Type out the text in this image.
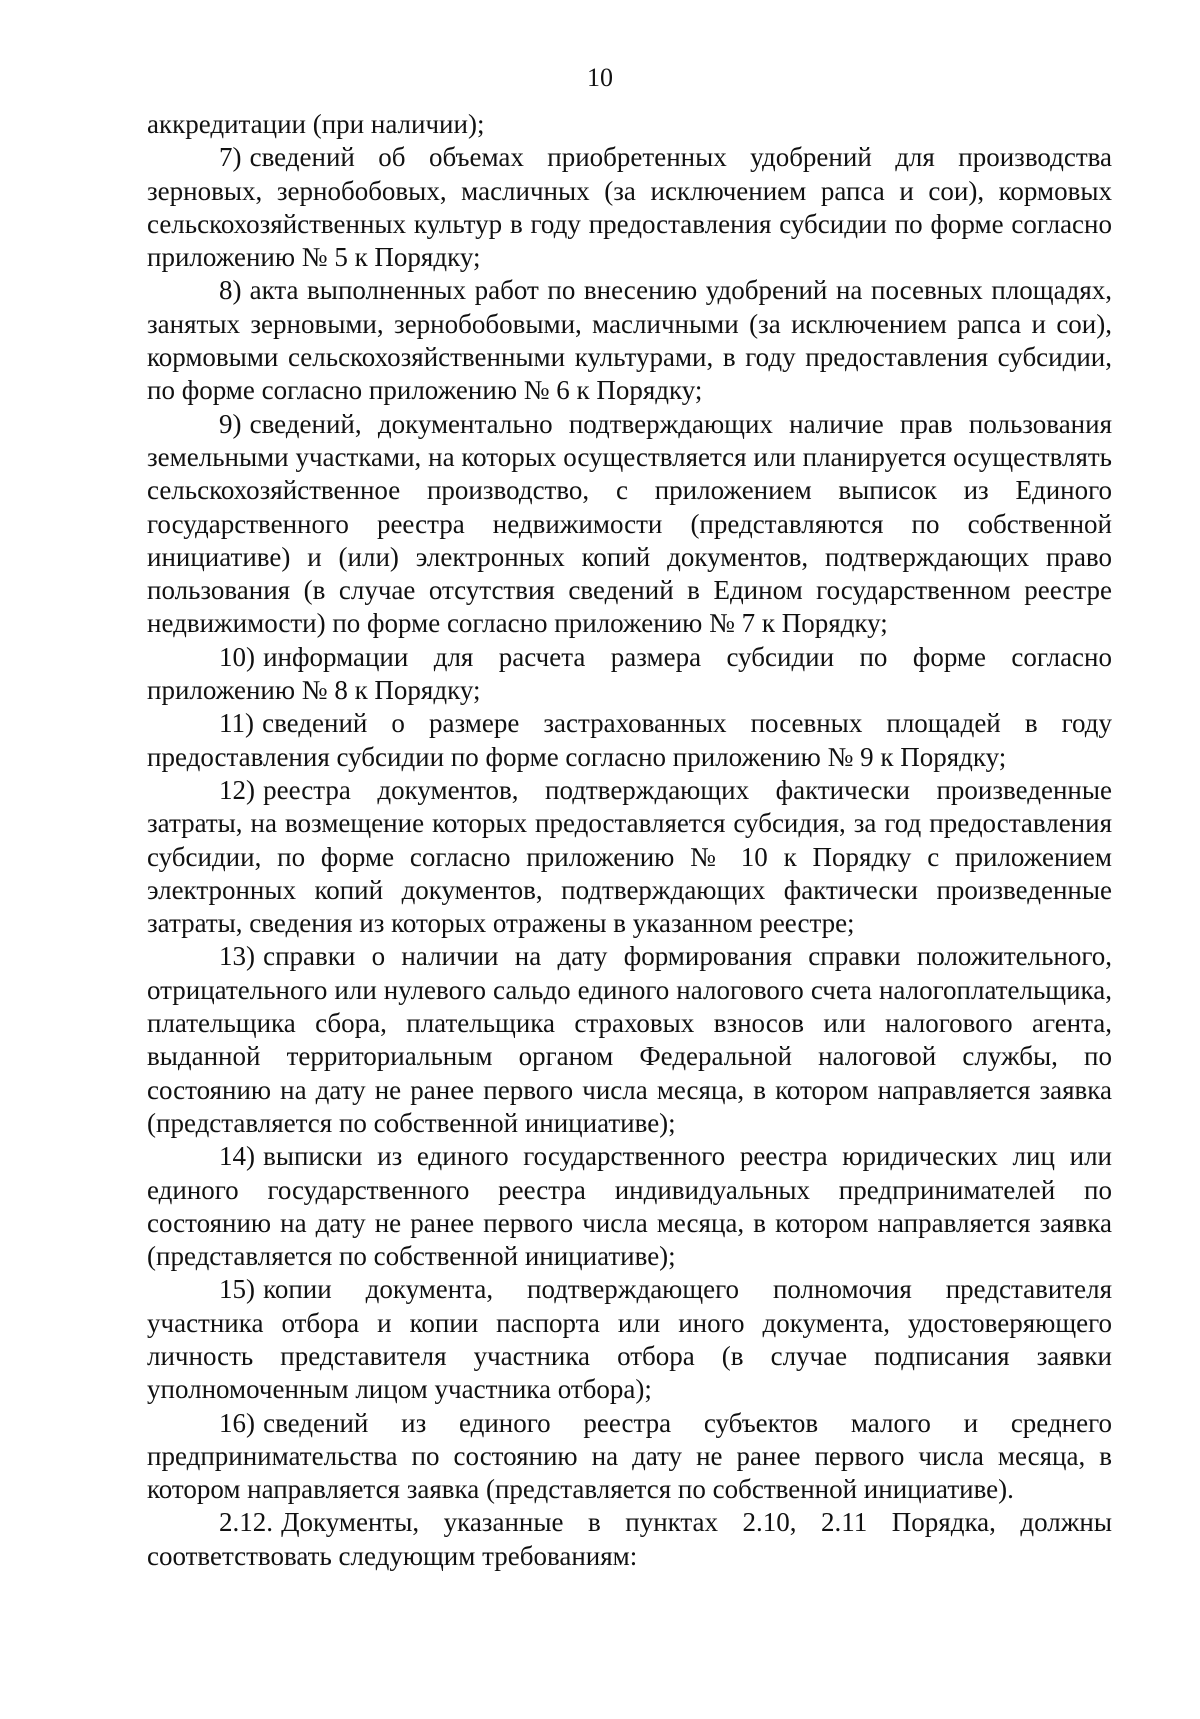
10

аккредитации (при наличии);

7) сведений об объемах приобретенных удобрений для производства зерновых, зернобобовых, масличных (за исключением рапса и сои), кормовых сельскохозяйственных культур в году предоставления субсидии по форме согласно приложению № 5 к Порядку;

8) акта выполненных работ по внесению удобрений на посевных площадях, занятых зерновыми, зернобобовыми, масличными (за исключением рапса и сои), кормовыми сельскохозяйственными культурами, в году предоставления субсидии, по форме согласно приложению № 6 к Порядку;

9) сведений, документально подтверждающих наличие прав пользования земельными участками, на которых осуществляется или планируется осуществлять сельскохозяйственное производство, с приложением выписок из Единого государственного реестра недвижимости (представляются по собственной инициативе) и (или) электронных копий документов, подтверждающих право пользования (в случае отсутствия сведений в Едином государственном реестре недвижимости) по форме согласно приложению № 7 к Порядку;

10) информации для расчета размера субсидии по форме согласно приложению № 8 к Порядку;

11) сведений о размере застрахованных посевных площадей в году предоставления субсидии по форме согласно приложению № 9 к Порядку;

12) реестра документов, подтверждающих фактически произведенные затраты, на возмещение которых предоставляется субсидия, за год предоставления субсидии, по форме согласно приложению № 10 к Порядку с приложением электронных копий документов, подтверждающих фактически произведенные затраты, сведения из которых отражены в указанном реестре;

13) справки о наличии на дату формирования справки положительного, отрицательного или нулевого сальдо единого налогового счета налогоплательщика, плательщика сбора, плательщика страховых взносов или налогового агента, выданной территориальным органом Федеральной налоговой службы, по состоянию на дату не ранее первого числа месяца, в котором направляется заявка (представляется по собственной инициативе);

14) выписки из единого государственного реестра юридических лиц или единого государственного реестра индивидуальных предпринимателей по состоянию на дату не ранее первого числа месяца, в котором направляется заявка (представляется по собственной инициативе);

15) копии документа, подтверждающего полномочия представителя участника отбора и копии паспорта или иного документа, удостоверяющего личность представителя участника отбора (в случае подписания заявки уполномоченным лицом участника отбора);

16) сведений из единого реестра субъектов малого и среднего предпринимательства по состоянию на дату не ранее первого числа месяца, в котором направляется заявка (представляется по собственной инициативе).

2.12. Документы, указанные в пунктах 2.10, 2.11 Порядка, должны соответствовать следующим требованиям:
